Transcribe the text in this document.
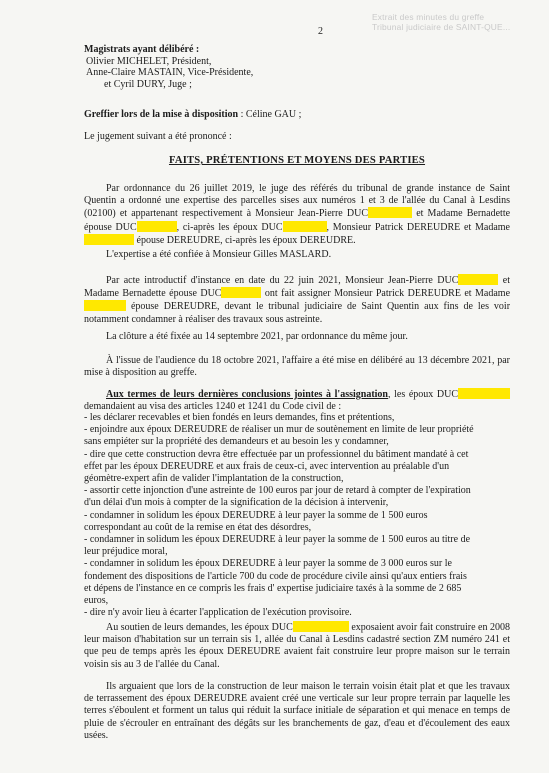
Extrait des minutes du greffe
Tribunal judiciaire de SAINT-QUE...
2
Magistrats ayant délibéré :
Olivier MICHELET, Président,
Anne-Claire MASTAIN, Vice-Présidente,
et Cyril DURY, Juge ;
Greffier lors de la mise à disposition : Céline GAU ;
Le jugement suivant a été prononcé :
FAITS, PRÉTENTIONS ET MOYENS DES PARTIES
Par ordonnance du 26 juillet 2019, le juge des référés du tribunal de grande instance de Saint Quentin a ordonné une expertise des parcelles sises aux numéros 1 et 3 de l'allée du Canal à Lesdins (02100) et appartenant respectivement à Monsieur Jean-Pierre DUC	et Madame Bernadette épouse DUC	, ci-après les époux DUC	, Monsieur Patrick DEREUDRE et Madame  épouse DEREUDRE, ci-après les époux DEREUDRE.
L'expertise a été confiée à Monsieur Gilles MASLARD.
Par acte introductif d'instance en date du 22 juin 2021, Monsieur Jean-Pierre DUC	et Madame Bernadette épouse DUC	ont fait assigner Monsieur Patrick DEREUDRE et Madame  épouse DEREUDRE, devant le tribunal judiciaire de Saint Quentin aux fins de les voir notamment condamner à réaliser des travaux sous astreinte.
La clôture a été fixée au 14 septembre 2021, par ordonnance du même jour.
À l'issue de l'audience du 18 octobre 2021, l'affaire a été mise en délibéré au 13 décembre 2021, par mise à disposition au greffe.
Aux termes de leurs dernières conclusions jointes à l'assignation, les époux DUC demandaient au visa des articles 1240 et 1241 du Code civil de :
- les déclarer recevables et bien fondés en leurs demandes, fins et prétentions,
- enjoindre aux époux DEREUDRE de réaliser un mur de soutènement en limite de leur propriété
sans empiéter sur la propriété des demandeurs et au besoin les y condamner,
- dire que cette construction devra être effectuée par un professionnel du bâtiment mandaté à cet
effet par les époux DEREUDRE et aux frais de ceux-ci, avec intervention au préalable d'un
géomètre-expert afin de valider l'implantation de la construction,
- assortir cette injonction d'une astreinte de 100 euros par jour de retard à compter de l'expiration
d'un délai d'un mois à compter de la signification de la décision à intervenir,
- condamner in solidum les époux DEREUDRE à leur payer la somme de 1 500 euros
correspondant au coût de la remise en état des désordres,
- condamner in solidum les époux DEREUDRE à leur payer la somme de 1 500 euros au titre de
leur préjudice moral,
- condamner in solidum les époux DEREUDRE à leur payer la somme de 3 000 euros sur le
fondement des dispositions de l'article 700 du code de procédure civile ainsi qu'aux entiers frais
et dépens de l'instance en ce compris les frais d' expertise judiciaire taxés à la somme de 2 685
euros,
- dire n'y avoir lieu à écarter l'application de l'exécution provisoire.
Au soutien de leurs demandes, les époux DUC	exposaient avoir fait construire en 2008 leur maison d'habitation sur un terrain sis 1, allée du Canal à Lesdins cadastré section ZM numéro 241 et que peu de temps après les époux DEREUDRE avaient fait construire leur propre maison sur le terrain voisin sis au 3 de l'allée du Canal.
Ils arguaient que lors de la construction de leur maison le terrain voisin était plat et que les travaux de terrassement des époux DEREUDRE avaient créé une verticale sur leur propre terrain par laquelle les terres s'éboulent et forment un talus qui réduit la surface initiale de séparation et qui menace en temps de pluie de s'écrouler en entraînant des dégâts sur les branchements de gaz, d'eau et d'écoulement des eaux usées.
